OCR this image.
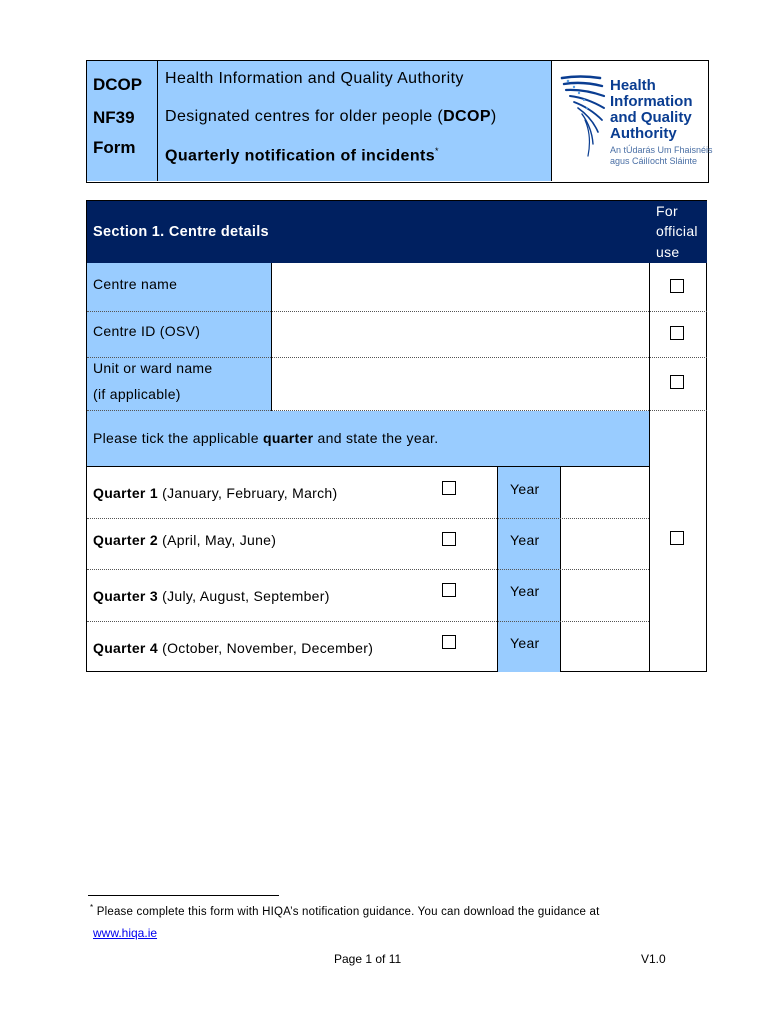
DCOP
NF39
Form
Health Information and Quality Authority
Designated centres for older people (DCOP)
Quarterly notification of incidents*
Health
Information
and Quality
Authority
An tÚdarás Um Fhaisnéis
agus Cáilíocht Sláinte
Section 1. Centre details
For
official
use
Centre name
Centre ID (OSV)
Unit or ward name
(if applicable)
Please tick the applicable quarter and state the year.
Quarter 1 (January, February, March)	Year
Quarter 2 (April, May, June)	Year
Quarter 3 (July, August, September)	Year
Quarter 4 (October, November, December)	Year
* Please complete this form with HIQA’s notification guidance. You can download the guidance at
www.hiqa.ie
Page 1 of 11	V1.0
